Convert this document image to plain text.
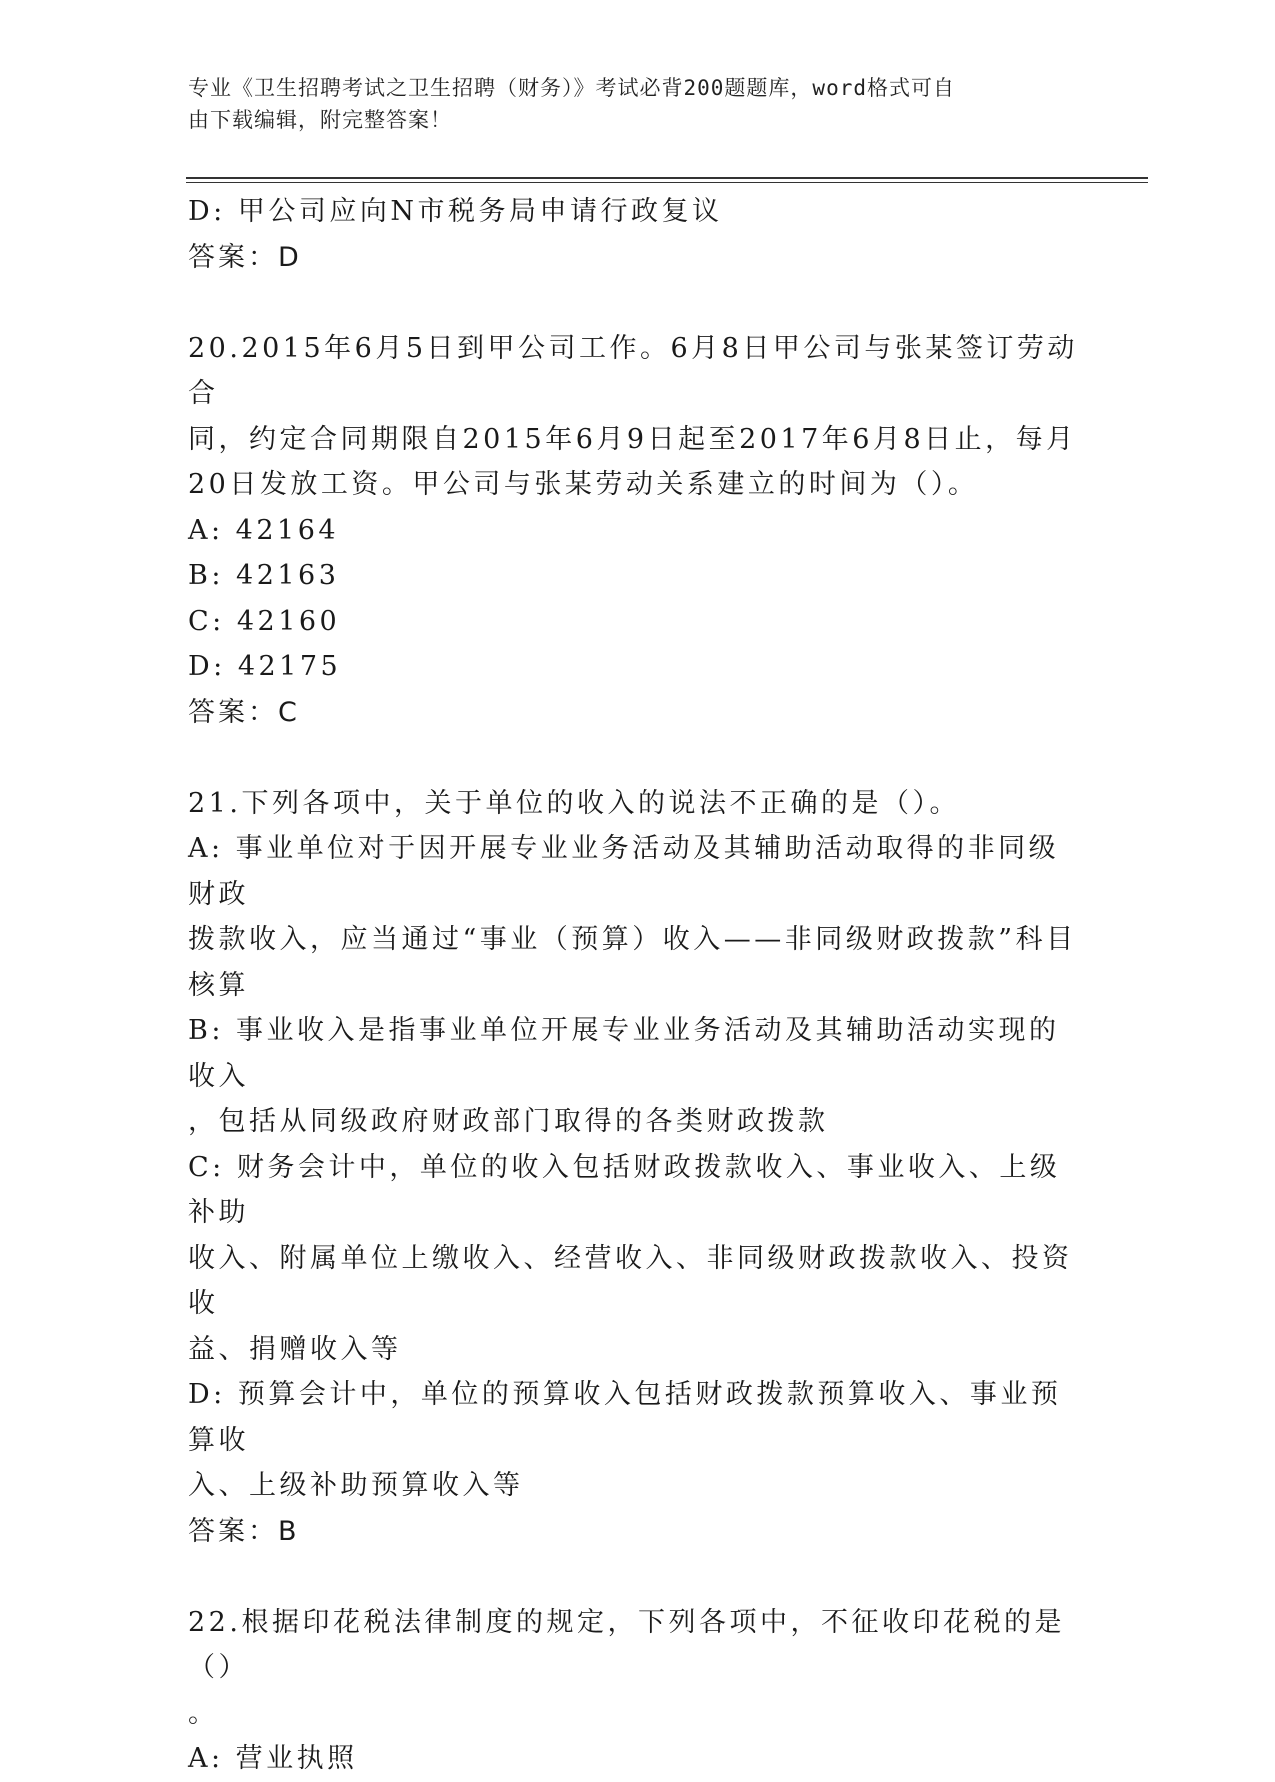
专业《卫生招聘考试之卫生招聘（财务）》考试必背200题题库，word格式可自
由下载编辑，附完整答案！
D: 甲公司应向N市税务局申请行政复议
答案：D
20.2015年6月5日到甲公司工作。6月8日甲公司与张某签订劳动合
同，约定合同期限自2015年6月9日起至2017年6月8日止，每月
20日发放工资。甲公司与张某劳动关系建立的时间为（）。
A: 42164
B: 42163
C: 42160
D: 42175
答案：C
21.下列各项中，关于单位的收入的说法不正确的是（）。
A: 事业单位对于因开展专业业务活动及其辅助活动取得的非同级财政
拨款收入，应当通过“事业（预算）收入——非同级财政拨款”科目
核算
B: 事业收入是指事业单位开展专业业务活动及其辅助活动实现的收入
，包括从同级政府财政部门取得的各类财政拨款
C: 财务会计中，单位的收入包括财政拨款收入、事业收入、上级补助
收入、附属单位上缴收入、经营收入、非同级财政拨款收入、投资收
益、捐赠收入等
D: 预算会计中，单位的预算收入包括财政拨款预算收入、事业预算收
入、上级补助预算收入等
答案：B
22.根据印花税法律制度的规定，下列各项中，不征收印花税的是（）
。
A: 营业执照
